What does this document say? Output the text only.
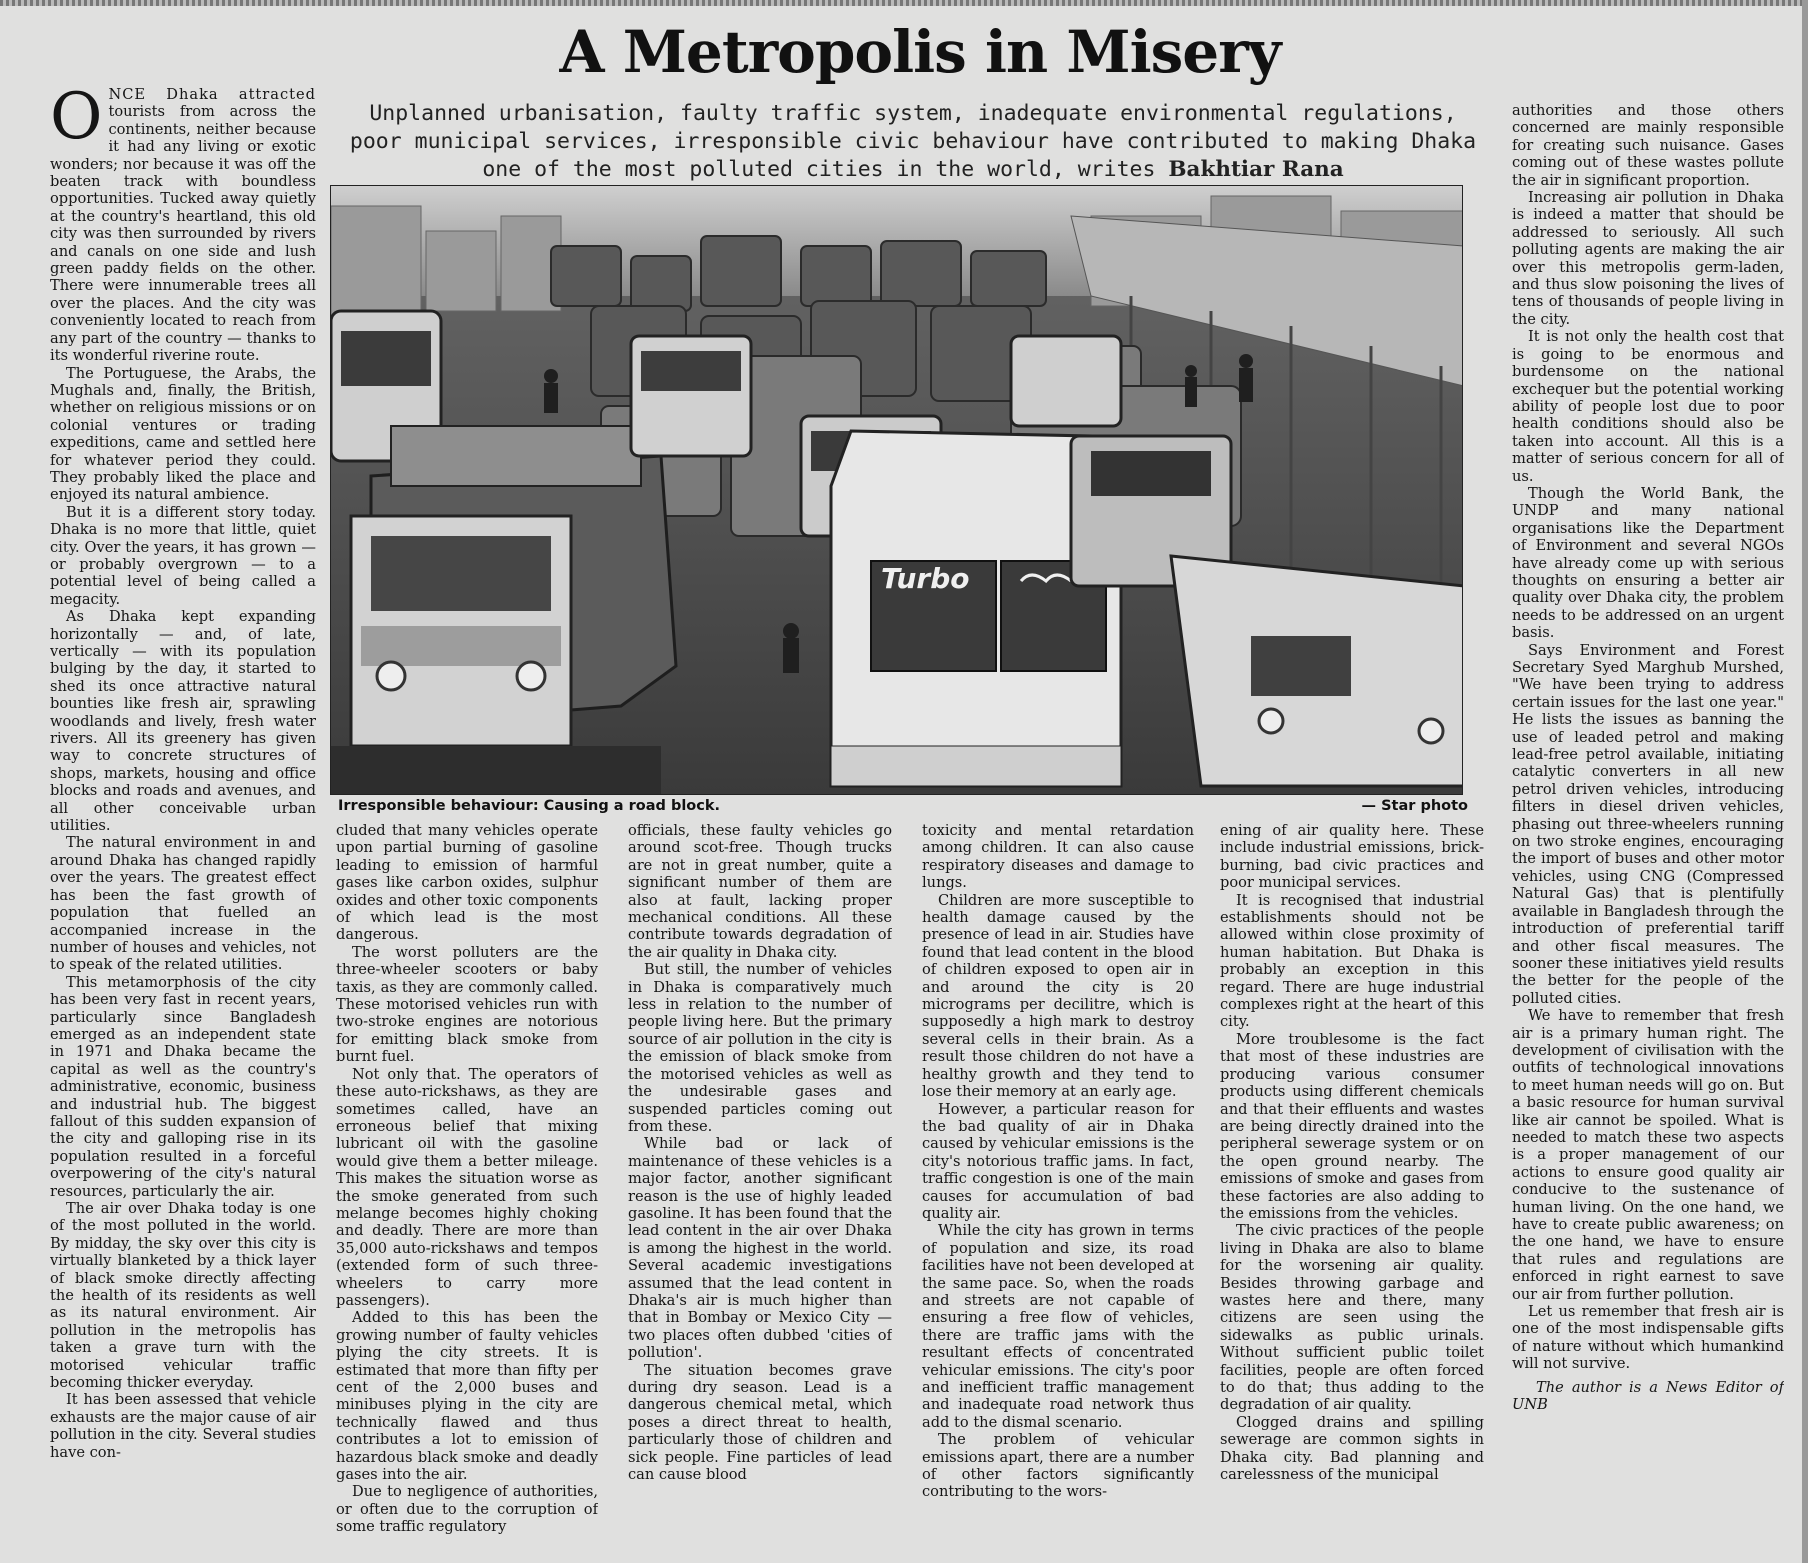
A Metropolis in Misery
Unplanned urbanisation, faulty traffic system, inadequate environmental regulations, poor municipal services, irresponsible civic behaviour have contributed to making Dhaka one of the most polluted cities in the world, writes Bakhtiar Rana
Turbo
Irresponsible behaviour: Causing a road block.	— Star photo

ONCE Dhaka attracted tourists from across the continents, neither because it had any living or exotic wonders; nor because it was off the beaten track with boundless opportunities. Tucked away quietly at the country's heartland, this old city was then surrounded by rivers and canals on one side and lush green paddy fields on the other. There were innumerable trees all over the places. And the city was conveniently located to reach from any part of the country — thanks to its wonderful riverine route.

The Portuguese, the Arabs, the Mughals and, finally, the British, whether on religious missions or on colonial ventures or trading expeditions, came and settled here for whatever period they could. They probably liked the place and enjoyed its natural ambience.

But it is a different story today. Dhaka is no more that little, quiet city. Over the years, it has grown — or probably overgrown — to a potential level of being called a megacity.

As Dhaka kept expanding horizontally — and, of late, vertically — with its population bulging by the day, it started to shed its once attractive natural bounties like fresh air, sprawling woodlands and lively, fresh water rivers. All its greenery has given way to concrete structures of shops, markets, housing and office blocks and roads and avenues, and all other conceivable urban utilities.

The natural environment in and around Dhaka has changed rapidly over the years. The greatest effect has been the fast growth of population that fuelled an accompanied increase in the number of houses and vehicles, not to speak of the related utilities.

This metamorphosis of the city has been very fast in recent years, particularly since Bangladesh emerged as an independent state in 1971 and Dhaka became the capital as well as the country's administrative, economic, business and industrial hub. The biggest fallout of this sudden expansion of the city and galloping rise in its population resulted in a forceful overpowering of the city's natural resources, particularly the air.

The air over Dhaka today is one of the most polluted in the world. By midday, the sky over this city is virtually blanketed by a thick layer of black smoke directly affecting the health of its residents as well as its natural environment. Air pollution in the metropolis has taken a grave turn with the motorised vehicular traffic becoming thicker everyday.

It has been assessed that vehicle exhausts are the major cause of air pollution in the city. Several studies have con-

cluded that many vehicles operate upon partial burning of gasoline leading to emission of harmful gases like carbon oxides, sulphur oxides and other toxic components of which lead is the most dangerous.

The worst polluters are the three-wheeler scooters or baby taxis, as they are commonly called. These motorised vehicles run with two-stroke engines are notorious for emitting black smoke from burnt fuel.

Not only that. The operators of these auto-rickshaws, as they are sometimes called, have an erroneous belief that mixing lubricant oil with the gasoline would give them a better mileage. This makes the situation worse as the smoke generated from such melange becomes highly choking and deadly. There are more than 35,000 auto-rickshaws and tempos (extended form of such three-wheelers to carry more passengers).

Added to this has been the growing number of faulty vehicles plying the city streets. It is estimated that more than fifty per cent of the 2,000 buses and minibuses plying in the city are technically flawed and thus contributes a lot to emission of hazardous black smoke and deadly gases into the air.

Due to negligence of authorities, or often due to the corruption of some traffic regulatory

officials, these faulty vehicles go around scot-free. Though trucks are not in great number, quite a significant number of them are also at fault, lacking proper mechanical conditions. All these contribute towards degradation of the air quality in Dhaka city.

But still, the number of vehicles in Dhaka is comparatively much less in relation to the number of people living here. But the primary source of air pollution in the city is the emission of black smoke from the motorised vehicles as well as the undesirable gases and suspended particles coming out from these.

While bad or lack of maintenance of these vehicles is a major factor, another significant reason is the use of highly leaded gasoline. It has been found that the lead content in the air over Dhaka is among the highest in the world. Several academic investigations assumed that the lead content in Dhaka's air is much higher than that in Bombay or Mexico City — two places often dubbed 'cities of pollution'.

The situation becomes grave during dry season. Lead is a dangerous chemical metal, which poses a direct threat to health, particularly those of children and sick people. Fine particles of lead can cause blood

toxicity and mental retardation among children. It can also cause respiratory diseases and damage to lungs.

Children are more susceptible to health damage caused by the presence of lead in air. Studies have found that lead content in the blood of children exposed to open air in and around the city is 20 micrograms per decilitre, which is supposedly a high mark to destroy several cells in their brain. As a result those children do not have a healthy growth and they tend to lose their memory at an early age.

However, a particular reason for the bad quality of air in Dhaka caused by vehicular emissions is the city's notorious traffic jams. In fact, traffic congestion is one of the main causes for accumulation of bad quality air.

While the city has grown in terms of population and size, its road facilities have not been developed at the same pace. So, when the roads and streets are not capable of ensuring a free flow of vehicles, there are traffic jams with the resultant effects of concentrated vehicular emissions. The city's poor and inefficient traffic management and inadequate road network thus add to the dismal scenario.

The problem of vehicular emissions apart, there are a number of other factors significantly contributing to the wors-

ening of air quality here. These include industrial emissions, brick-burning, bad civic practices and poor municipal services.

It is recognised that industrial establishments should not be allowed within close proximity of human habitation. But Dhaka is probably an exception in this regard. There are huge industrial complexes right at the heart of this city.

More troublesome is the fact that most of these industries are producing various consumer products using different chemicals and that their effluents and wastes are being directly drained into the peripheral sewerage system or on the open ground nearby. The emissions of smoke and gases from these factories are also adding to the emissions from the vehicles.

The civic practices of the people living in Dhaka are also to blame for the worsening air quality. Besides throwing garbage and wastes here and there, many citizens are seen using the sidewalks as public urinals. Without sufficient public toilet facilities, people are often forced to do that; thus adding to the degradation of air quality.

Clogged drains and spilling sewerage are common sights in Dhaka city. Bad planning and carelessness of the municipal

authorities and those others concerned are mainly responsible for creating such nuisance. Gases coming out of these wastes pollute the air in significant proportion.

Increasing air pollution in Dhaka is indeed a matter that should be addressed to seriously. All such polluting agents are making the air over this metropolis germ-laden, and thus slow poisoning the lives of tens of thousands of people living in the city.

It is not only the health cost that is going to be enormous and burdensome on the national exchequer but the potential working ability of people lost due to poor health conditions should also be taken into account. All this is a matter of serious concern for all of us.

Though the World Bank, the UNDP and many national organisations like the Department of Environment and several NGOs have already come up with serious thoughts on ensuring a better air quality over Dhaka city, the problem needs to be addressed on an urgent basis.

Says Environment and Forest Secretary Syed Marghub Murshed, "We have been trying to address certain issues for the last one year." He lists the issues as banning the use of leaded petrol and making lead-free petrol available, initiating catalytic converters in all new petrol driven vehicles, introducing filters in diesel driven vehicles, phasing out three-wheelers running on two stroke engines, encouraging the import of buses and other motor vehicles, using CNG (Compressed Natural Gas) that is plentifully available in Bangladesh through the introduction of preferential tariff and other fiscal measures. The sooner these initiatives yield results the better for the people of the polluted cities.

We have to remember that fresh air is a primary human right. The development of civilisation with the outfits of technological innovations to meet human needs will go on. But a basic resource for human survival like air cannot be spoiled. What is needed to match these two aspects is a proper management of our actions to ensure good quality air conducive to the sustenance of human living. On the one hand, we have to create public awareness; on the one hand, we have to ensure that rules and regulations are enforced in right earnest to save our air from further pollution.

Let us remember that fresh air is one of the most indispensable gifts of nature without which humankind will not survive.

The author is a News Editor of UNB
